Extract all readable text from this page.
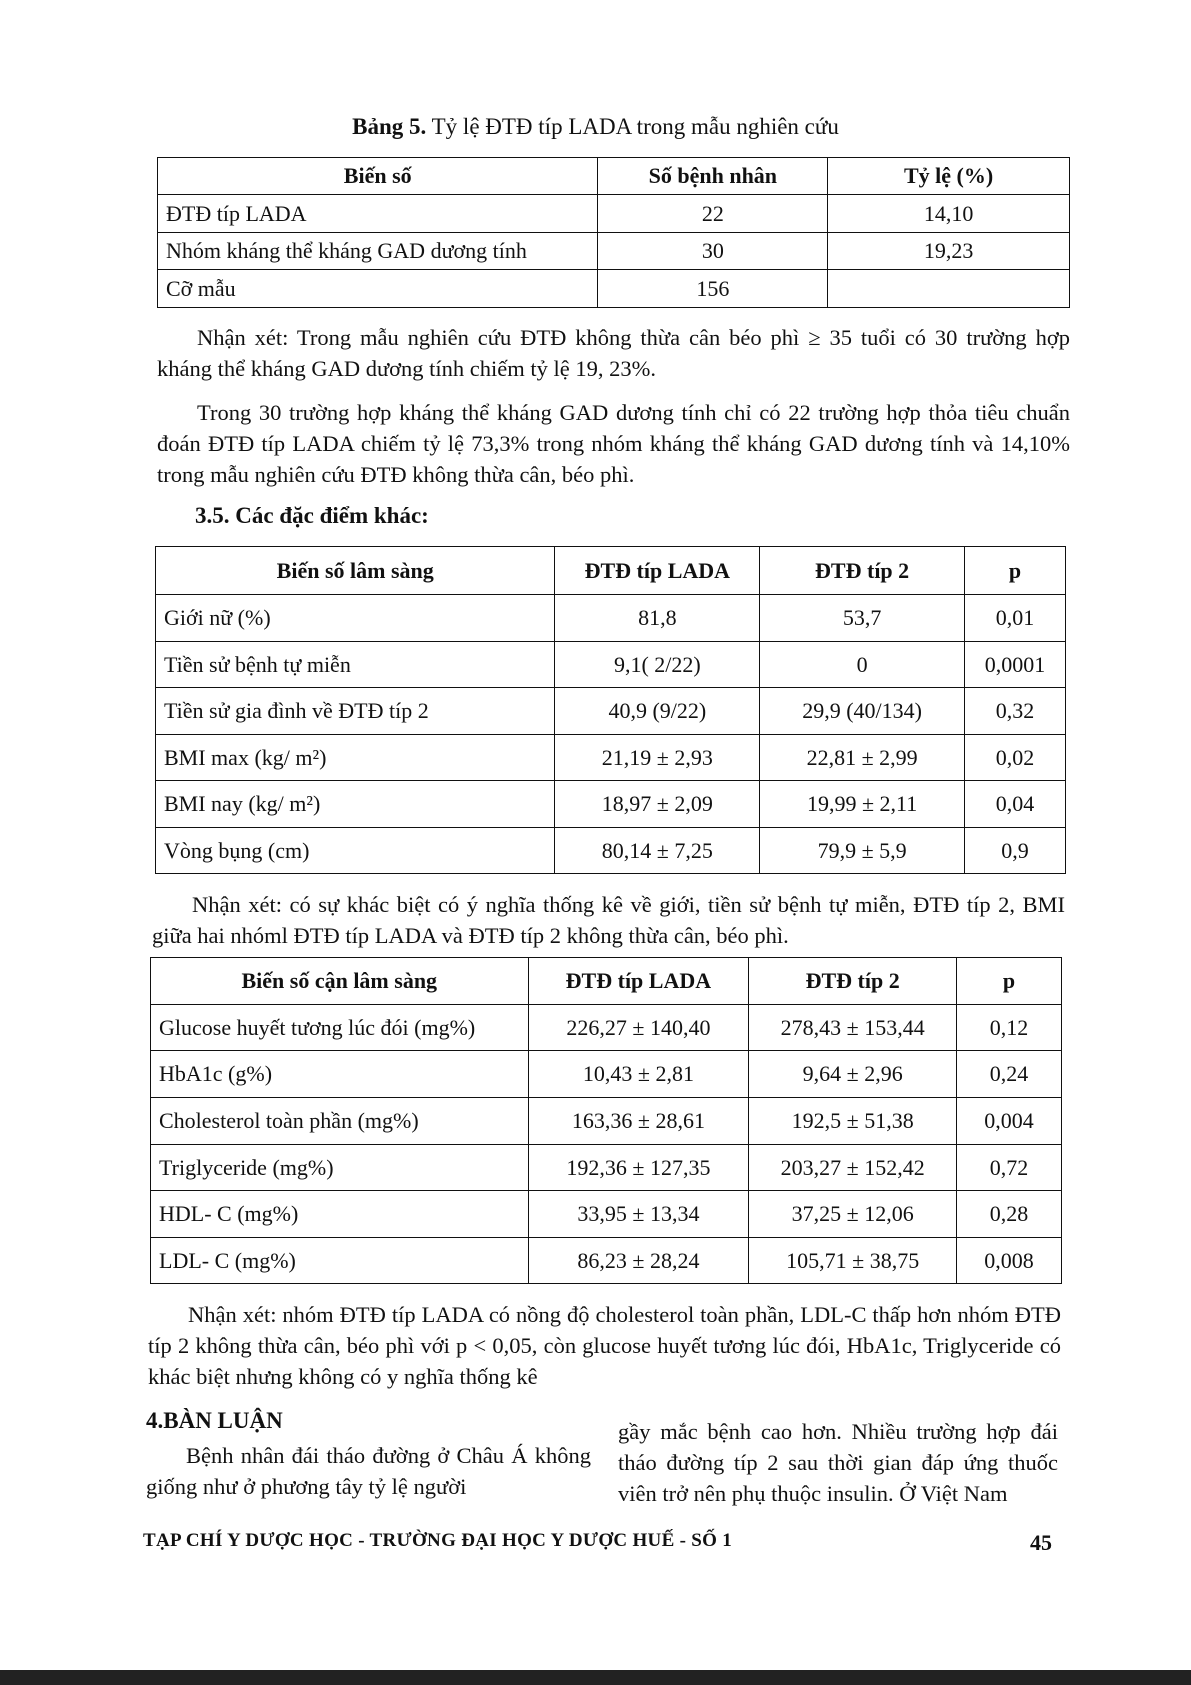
Bảng 5. Tỷ lệ ĐTĐ típ LADA trong mẫu nghiên cứu
Biến số	Số bệnh nhân	Tỷ lệ (%)
ĐTĐ típ LADA	22	14,10
Nhóm kháng thể kháng GAD dương tính	30	19,23
Cỡ mẫu	156	
Nhận xét: Trong mẫu nghiên cứu ĐTĐ không thừa cân béo phì ≥ 35 tuổi có 30 trường hợp kháng thể kháng GAD dương tính chiếm tỷ lệ 19, 23%.
Trong 30 trường hợp kháng thể kháng GAD dương tính chỉ có 22 trường hợp thỏa tiêu chuẩn đoán ĐTĐ típ LADA chiếm tỷ lệ 73,3% trong nhóm kháng thể kháng GAD dương tính và 14,10% trong mẫu nghiên cứu ĐTĐ không thừa cân, béo phì.
3.5. Các đặc điểm khác:
Biến số lâm sàng	ĐTĐ típ LADA	ĐTĐ típ 2	p
Giới nữ (%)	81,8	53,7	0,01
Tiền sử bệnh tự miễn	9,1( 2/22)	0	0,0001
Tiền sử gia đình về ĐTĐ típ 2	40,9 (9/22)	29,9 (40/134)	0,32
BMI max (kg/ m²)	21,19 ± 2,93	22,81 ± 2,99	0,02
BMI nay (kg/ m²)	18,97 ± 2,09	19,99 ± 2,11	0,04
Vòng bụng (cm)	80,14 ± 7,25	79,9 ± 5,9	0,9
Nhận xét: có sự khác biệt có ý nghĩa thống kê về giới, tiền sử bệnh tự miễn, ĐTĐ típ 2, BMI giữa hai nhóml ĐTĐ típ LADA và ĐTĐ típ 2 không thừa cân, béo phì.
Biến số cận lâm sàng	ĐTĐ típ LADA	ĐTĐ típ 2	p
Glucose huyết tương lúc đói (mg%)	226,27 ± 140,40	278,43 ± 153,44	0,12
HbA1c (g%)	10,43 ± 2,81	9,64 ± 2,96	0,24
Cholesterol toàn phần (mg%)	163,36 ± 28,61	192,5 ± 51,38	0,004
Triglyceride (mg%)	192,36 ± 127,35	203,27 ± 152,42	0,72
HDL- C (mg%)	33,95 ± 13,34	37,25 ± 12,06	0,28
LDL- C (mg%)	86,23 ± 28,24	105,71 ± 38,75	0,008
Nhận xét: nhóm ĐTĐ típ LADA có nồng độ cholesterol toàn phần, LDL-C thấp hơn nhóm ĐTĐ típ 2 không thừa cân, béo phì với p < 0,05, còn glucose huyết tương lúc đói, HbA1c, Triglyceride có khác biệt nhưng không có y nghĩa thống kê
4.BÀN LUẬN
Bệnh nhân đái tháo đường ở Châu Á không giống như ở phương tây tỷ lệ người
gầy mắc bệnh cao hơn. Nhiều trường hợp đái tháo đường típ 2 sau thời gian đáp ứng thuốc viên trở nên phụ thuộc insulin. Ở Việt Nam
TẠP CHÍ Y DƯỢC HỌC - TRƯỜNG ĐẠI HỌC Y DƯỢC HUẾ - SỐ 1	45
